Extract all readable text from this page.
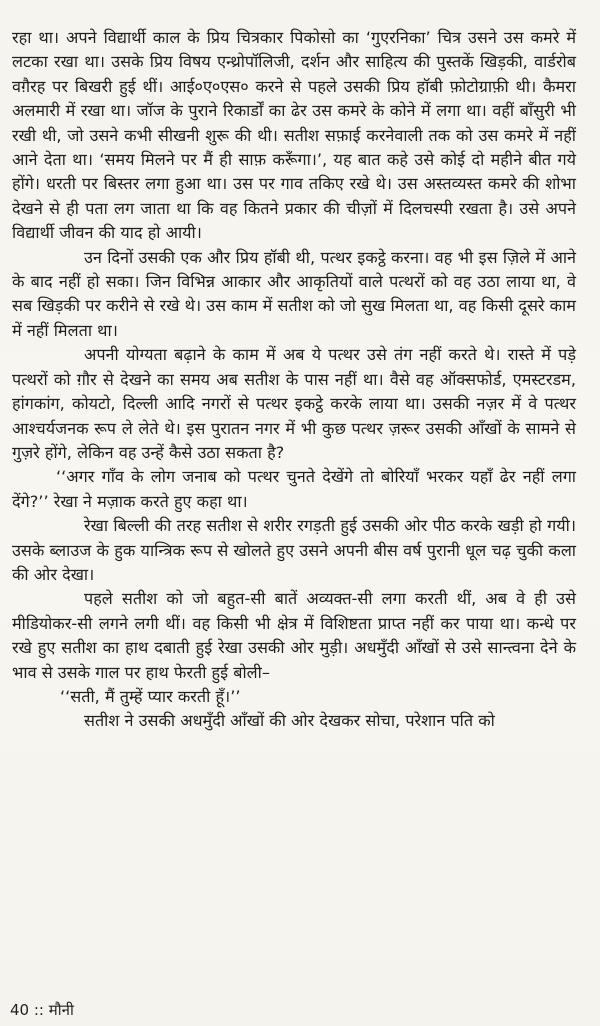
रहा था। अपने विद्यार्थी काल के प्रिय चित्रकार पिकोसो का ‘गुएरनिका’ चित्र उसने उस कमरे में लटका रखा था। उसके प्रिय विषय एन्थ्रोपॉलिजी, दर्शन और साहित्य की पुस्तकें खिड़की, वार्डरोब वग़ैरह पर बिखरी हुई थीं। आई०ए०एस० करने से पहले उसकी प्रिय हॉबी फ़ोटोग्राफ़ी थी। कैमरा अलमारी में रखा था। जॉज के पुराने रिकार्डों का ढेर उस कमरे के कोने में लगा था। वहीं बाँसुरी भी रखी थी, जो उसने कभी सीखनी शुरू की थी। सतीश सफ़ाई करनेवाली तक को उस कमरे में नहीं आने देता था। ‘समय मिलने पर मैं ही साफ़ करूँगा।’, यह बात कहे उसे कोई दो महीने बीत गये होंगे। धरती पर बिस्तर लगा हुआ था। उस पर गाव तकिए रखे थे। उस अस्तव्यस्त कमरे की शोभा देखने से ही पता लग जाता था कि वह कितने प्रकार की चीज़ों में दिलचस्पी रखता है। उसे अपने विद्यार्थी जीवन की याद हो आयी।

उन दिनों उसकी एक और प्रिय हॉबी थी, पत्थर इकट्ठे करना। वह भी इस ज़िले में आने के बाद नहीं हो सका। जिन विभिन्न आकार और आकृतियों वाले पत्थरों को वह उठा लाया था, वे सब खिड़की पर करीने से रखे थे। उस काम में सतीश को जो सुख मिलता था, वह किसी दूसरे काम में नहीं मिलता था।

अपनी योग्यता बढ़ाने के काम में अब ये पत्थर उसे तंग नहीं करते थे। रास्ते में पड़े पत्थरों को ग़ौर से देखने का समय अब सतीश के पास नहीं था। वैसे वह ऑक्सफोर्ड, एमस्टरडम, हांगकांग, कोयटो, दिल्ली आदि नगरों से पत्थर इकट्ठे करके लाया था। उसकी नज़र में वे पत्थर आश्चर्यजनक रूप ले लेते थे। इस पुरातन नगर में भी कुछ पत्थर ज़रूर उसकी आँखों के सामने से गुज़रे होंगे, लेकिन वह उन्हें कैसे उठा सकता है?

‘‘अगर गाँव के लोग जनाब को पत्थर चुनते देखेंगे तो बोरियाँ भरकर यहाँ ढेर नहीं लगा देंगे?’’ रेखा ने मज़ाक करते हुए कहा था।

रेखा बिल्ली की तरह सतीश से शरीर रगड़ती हुई उसकी ओर पीठ करके खड़ी हो गयी। उसके ब्लाउज के हुक यान्त्रिक रूप से खोलते हुए उसने अपनी बीस वर्ष पुरानी धूल चढ़ चुकी कला की ओर देखा।

पहले सतीश को जो बहुत-सी बातें अव्यक्त-सी लगा करती थीं, अब वे ही उसे मीडियोकर-सी लगने लगी थीं। वह किसी भी क्षेत्र में विशिष्टता प्राप्त नहीं कर पाया था। कन्धे पर रखे हुए सतीश का हाथ दबाती हुई रेखा उसकी ओर मुड़ी। अधमुँदी आँखों से उसे सान्त्वना देने के भाव से उसके गाल पर हाथ फेरती हुई बोली–

‘‘सती, मैं तुम्हें प्यार करती हूँ।’’

सतीश ने उसकी अधमुँदी आँखों की ओर देखकर सोचा, परेशान पति को

40 :: मौनी
